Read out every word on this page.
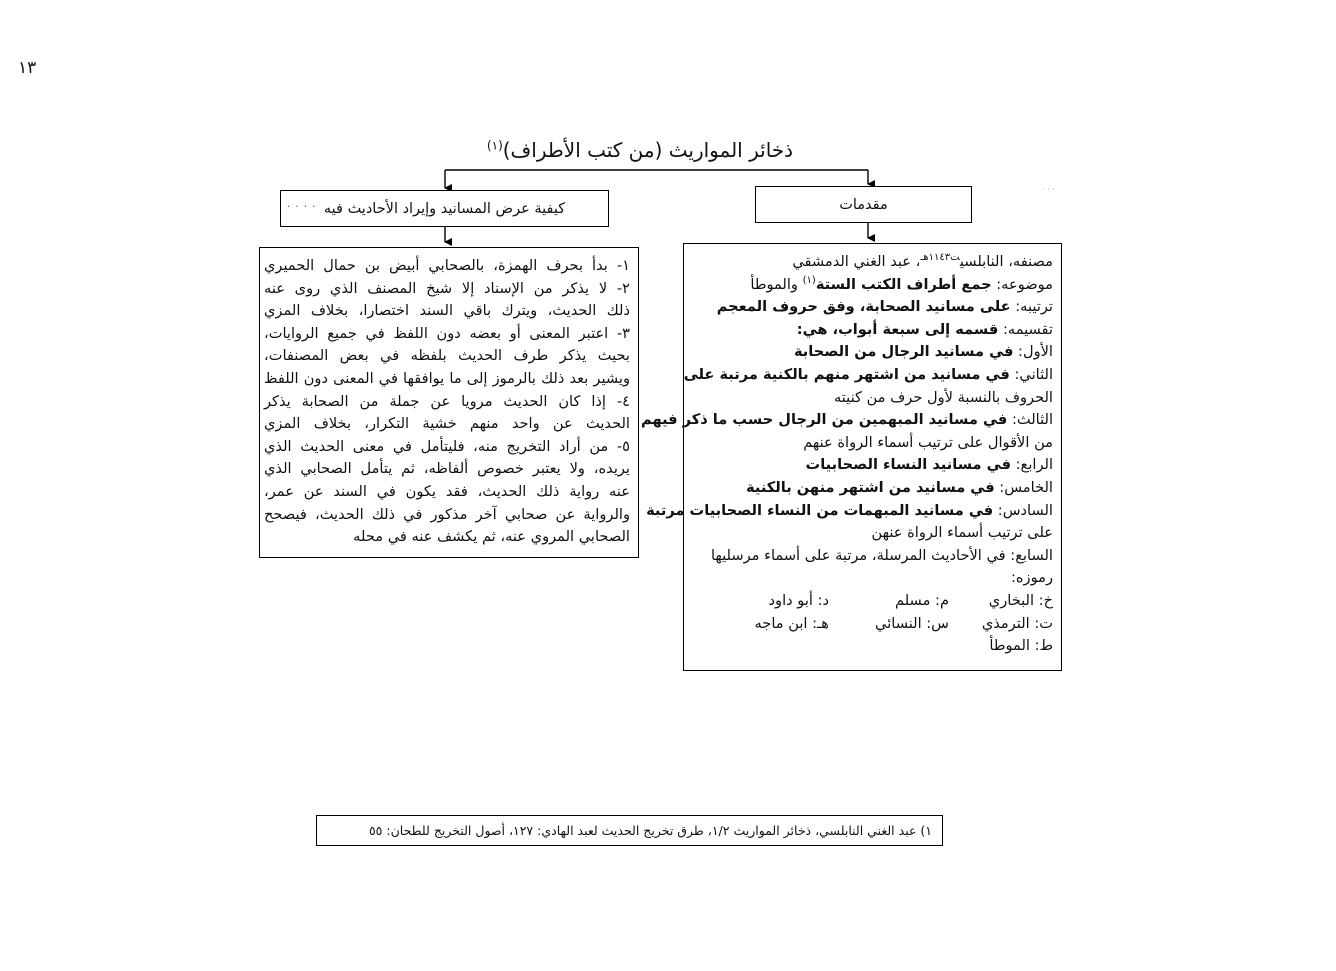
١٣
ذخائر المواريث (من كتب الأطراف)$^{(١)}$
· · ·
مقدمات
كيفية عرض المسانيد وإيراد الأحاديث فيه
. . . .
مصنفه، النابلسي$^{ت١١٤٣هـ}$، عبد الغني الدمشقي
موضوعه: جمع أطراف الكتب الستة$^{(١)}$ والموطأ
ترتيبه: على مسانيد الصحابة، وفق حروف المعجم
تقسيمه: قسمه إلى سبعة أبواب، هي:
الأول: في مسانيد الرجال من الصحابة
الثاني: في مسانيد من اشتهر منهم بالكنية مرتبة على
الحروف بالنسبة لأول حرف من كنيته
الثالث: في مسانيد المبهمين من الرجال حسب ما ذكر فيهم
من الأقوال على ترتيب أسماء الرواة عنهم
الرابع: في مسانيد النساء الصحابيات
الخامس: في مسانيد من اشتهر منهن بالكنية
السادس: في مسانيد المبهمات من النساء الصحابيات مرتبة
على ترتيب أسماء الرواة عنهن
السابع: في الأحاديث المرسلة، مرتبة على أسماء مرسليها
رموزه:
خ: البخاري
م: مسلم
د: أبو داود
ت: الترمذي
س: النسائي
هـ: ابن ماجه
ط: الموطأ
١- بدأ بحرف الهمزة، بالصحابي أبيض بن حمال الحميري
٢- لا يذكر من الإسناد إلا شيخ المصنف الذي روى عنه
ذلك الحديث، ويترك باقي السند اختصارا، بخلاف المزي
٣- اعتبر المعنى أو بعضه دون اللفظ في جميع الروايات،
بحيث يذكر طرف الحديث بلفظه في بعض المصنفات،
ويشير بعد ذلك بالرموز إلى ما يوافقها في المعنى دون اللفظ
٤- إذا كان الحديث مرويا عن جملة من الصحابة يذكر
الحديث عن واحد منهم خشية التكرار، بخلاف المزي
٥- من أراد التخريج منه، فليتأمل في معنى الحديث الذي
يريده، ولا يعتبر خصوص ألفاظه، ثم يتأمل الصحابي الذي
عنه رواية ذلك الحديث، فقد يكون في السند عن عمر،
والرواية عن صحابي آخر مذكور في ذلك الحديث، فيصحح
الصحابي المروي عنه، ثم يكشف عنه في محله
١) عبد الغني النابلسي، ذخائر المواريث ١/٢، طرق تخريج الحديث لعبد الهادي: ١٢٧، أصول التخريج للطحان: ٥٥
